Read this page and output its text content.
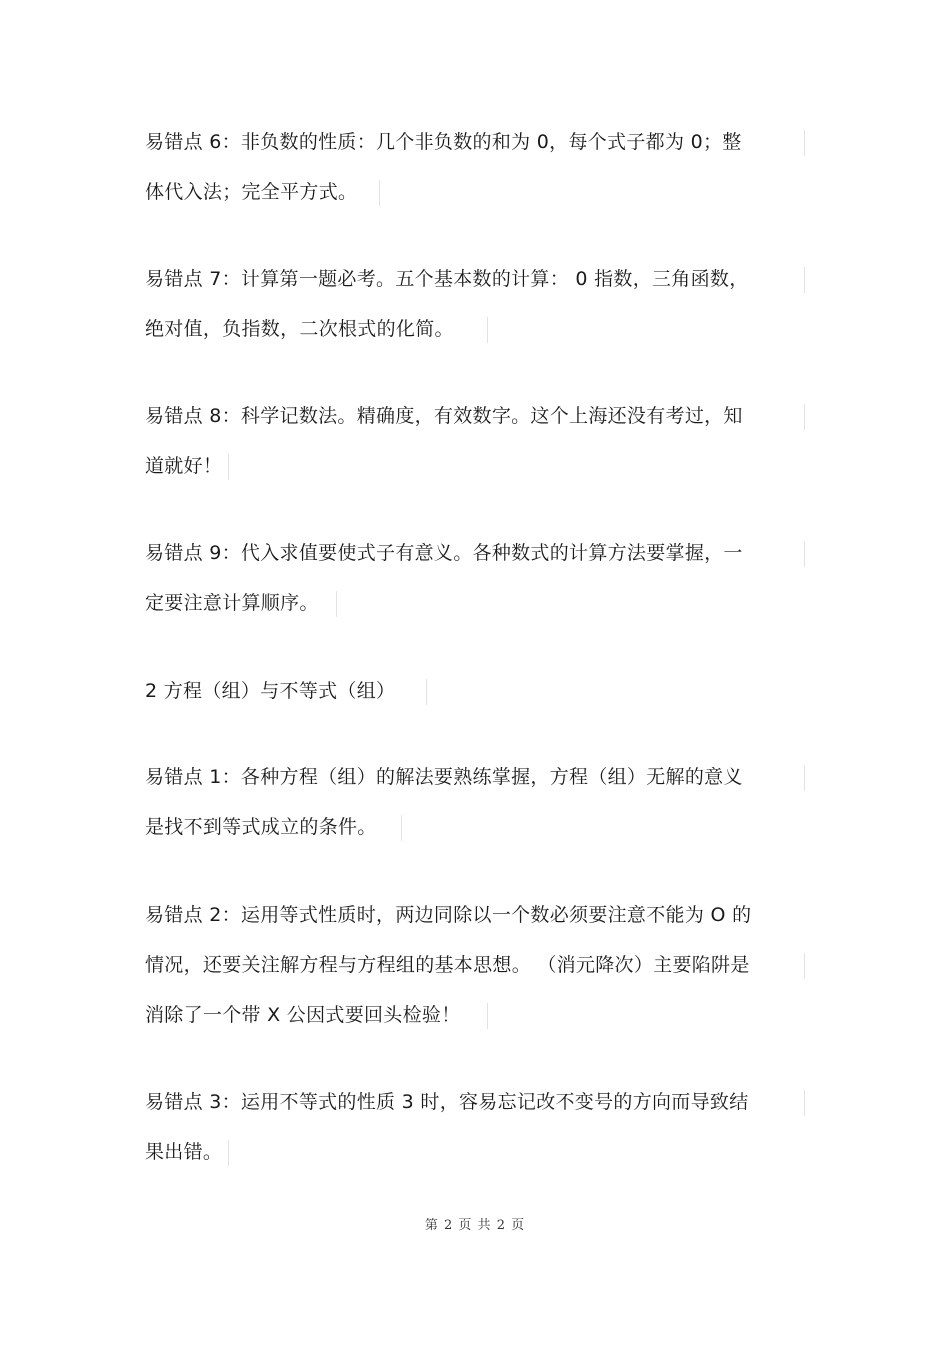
易错点 6：非负数的性质：几个非负数的和为 0，每个式子都为 0；整
体代入法；完全平方式。
易错点 7：计算第一题必考。五个基本数的计算： 0 指数，三角函数，
绝对值，负指数，二次根式的化简。
易错点 8：科学记数法。精确度，有效数字。这个上海还没有考过，知
道就好！
易错点 9：代入求值要使式子有意义。各种数式的计算方法要掌握，一
定要注意计算顺序。
2 方程（组）与不等式（组）
易错点 1：各种方程（组）的解法要熟练掌握，方程（组）无解的意义
是找不到等式成立的条件。
易错点 2：运用等式性质时，两边同除以一个数必须要注意不能为 O 的
情况，还要关注解方程与方程组的基本思想。 （消元降次）主要陷阱是
消除了一个带 X 公因式要回头检验！
易错点 3：运用不等式的性质 3 时，容易忘记改不变号的方向而导致结
果出错。
第 2 页 共 2 页
